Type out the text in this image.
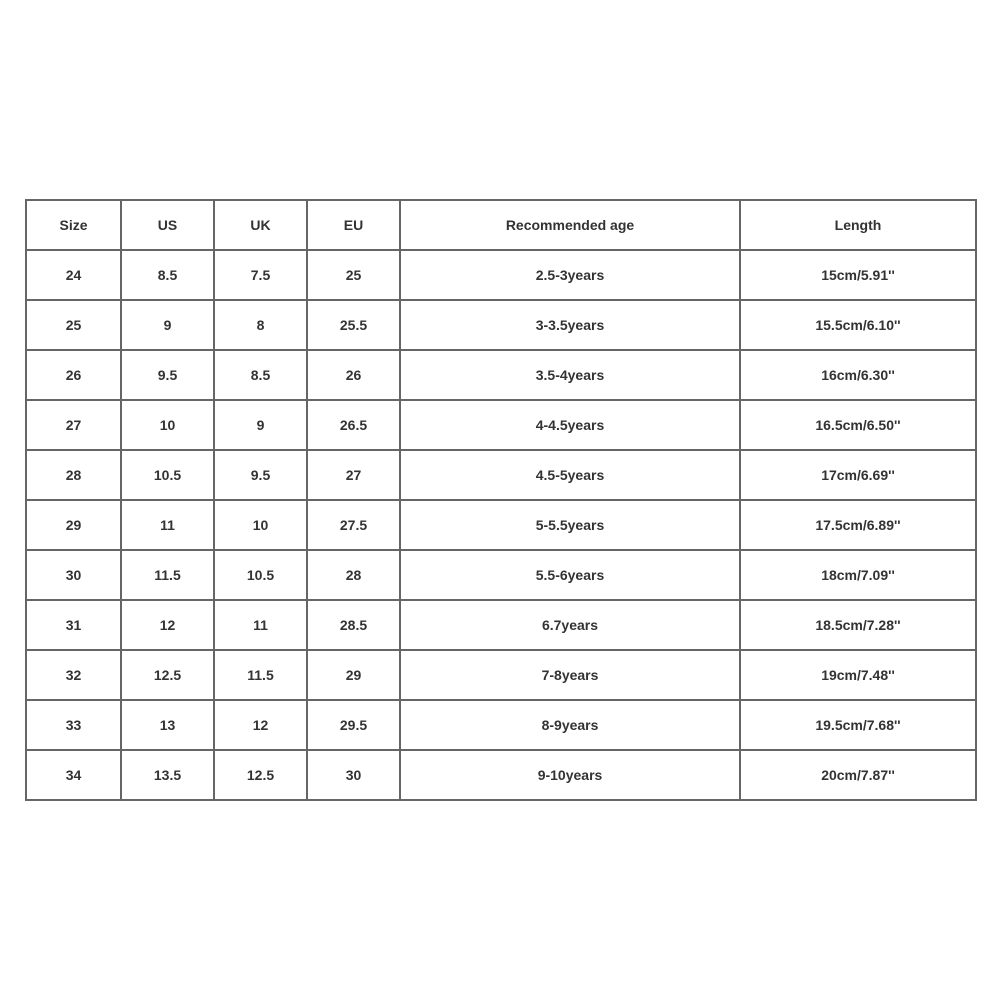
Size	US	UK	EU	Recommended age	Length
24	8.5	7.5	25	2.5-3years	15cm/5.91''
25	9	8	25.5	3-3.5years	15.5cm/6.10''
26	9.5	8.5	26	3.5-4years	16cm/6.30''
27	10	9	26.5	4-4.5years	16.5cm/6.50''
28	10.5	9.5	27	4.5-5years	17cm/6.69''
29	11	10	27.5	5-5.5years	17.5cm/6.89''
30	11.5	10.5	28	5.5-6years	18cm/7.09''
31	12	11	28.5	6.7years	18.5cm/7.28''
32	12.5	11.5	29	7-8years	19cm/7.48''
33	13	12	29.5	8-9years	19.5cm/7.68''
34	13.5	12.5	30	9-10years	20cm/7.87''
